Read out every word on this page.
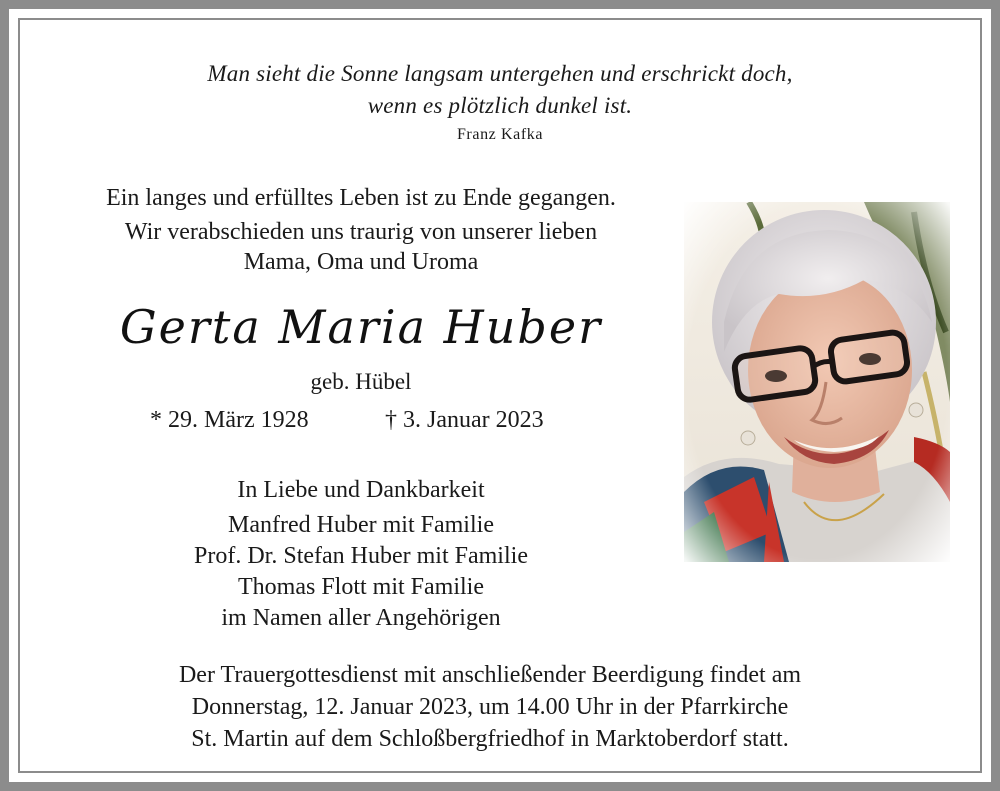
Man sieht die Sonne langsam untergehen und erschrickt doch,
wenn es plötzlich dunkel ist.
Franz Kafka
Ein langes und erfülltes Leben ist zu Ende gegangen.
Wir verabschieden uns traurig von unserer lieben
Mama, Oma und Uroma
Gerta Maria Huber
geb. Hübel
* 29. März 1928	† 3. Januar 2023
In Liebe und Dankbarkeit
Manfred Huber mit Familie
Prof. Dr. Stefan Huber mit Familie
Thomas Flott mit Familie
im Namen aller Angehörigen
Der Trauergottesdienst mit anschließender Beerdigung findet am
Donnerstag, 12. Januar 2023, um 14.00 Uhr in der Pfarrkirche
St. Martin auf dem Schloßbergfriedhof in Marktoberdorf statt.
